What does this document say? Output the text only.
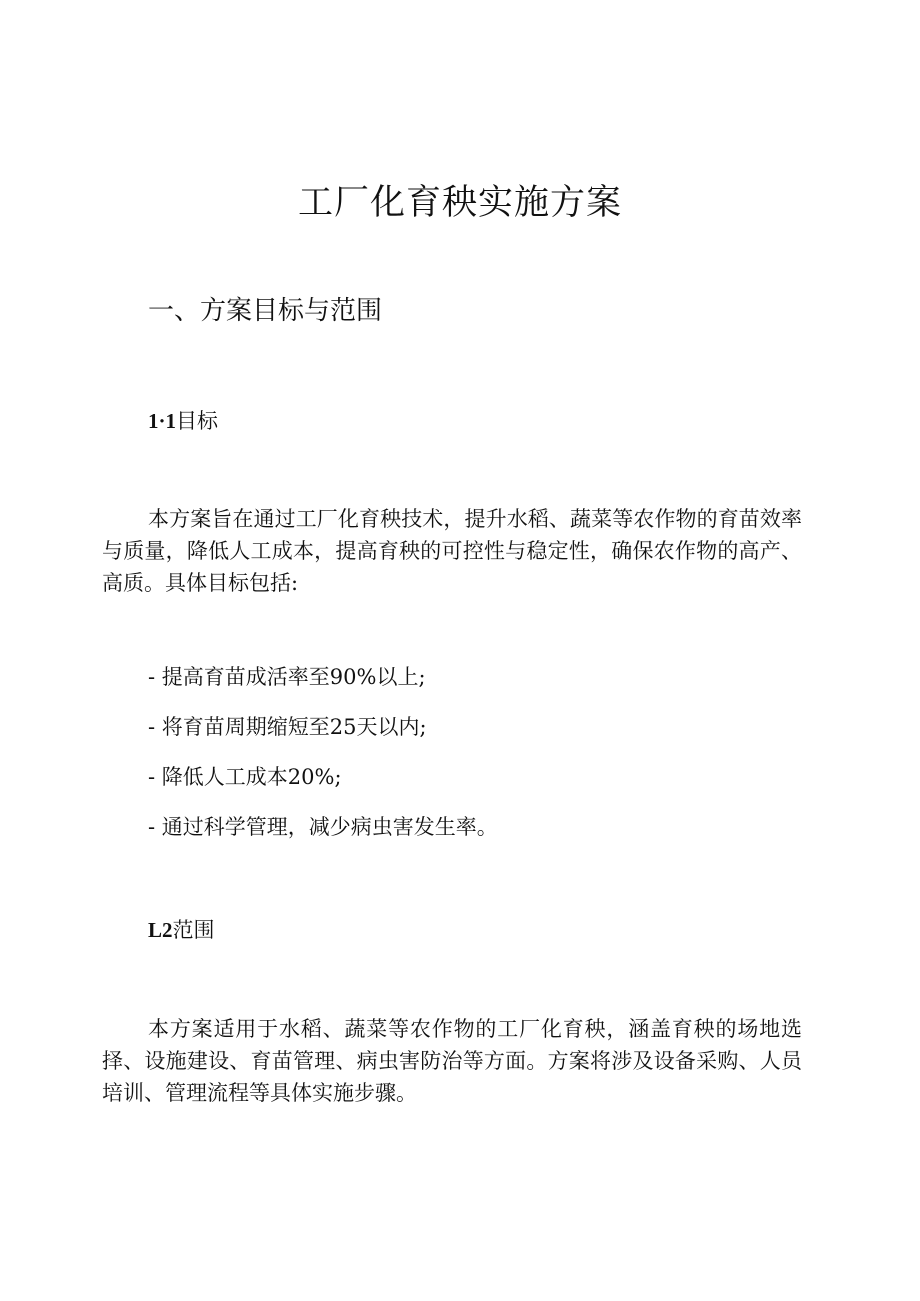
工厂化育秧实施方案
一、方案目标与范围
1·1目标

本方案旨在通过工厂化育秧技术，提升水稻、蔬菜等农作物的育苗效率与质量，降低人工成本，提高育秧的可控性与稳定性，确保农作物的高产、高质。具体目标包括:

- 提高育苗成活率至90%以上;
- 将育苗周期缩短至25天以内;
- 降低人工成本20%;
- 通过科学管理，减少病虫害发生率。
L2范围

本方案适用于水稻、蔬菜等农作物的工厂化育秧，涵盖育秧的场地选择、设施建设、育苗管理、病虫害防治等方面。方案将涉及设备采购、人员培训、管理流程等具体实施步骤。
